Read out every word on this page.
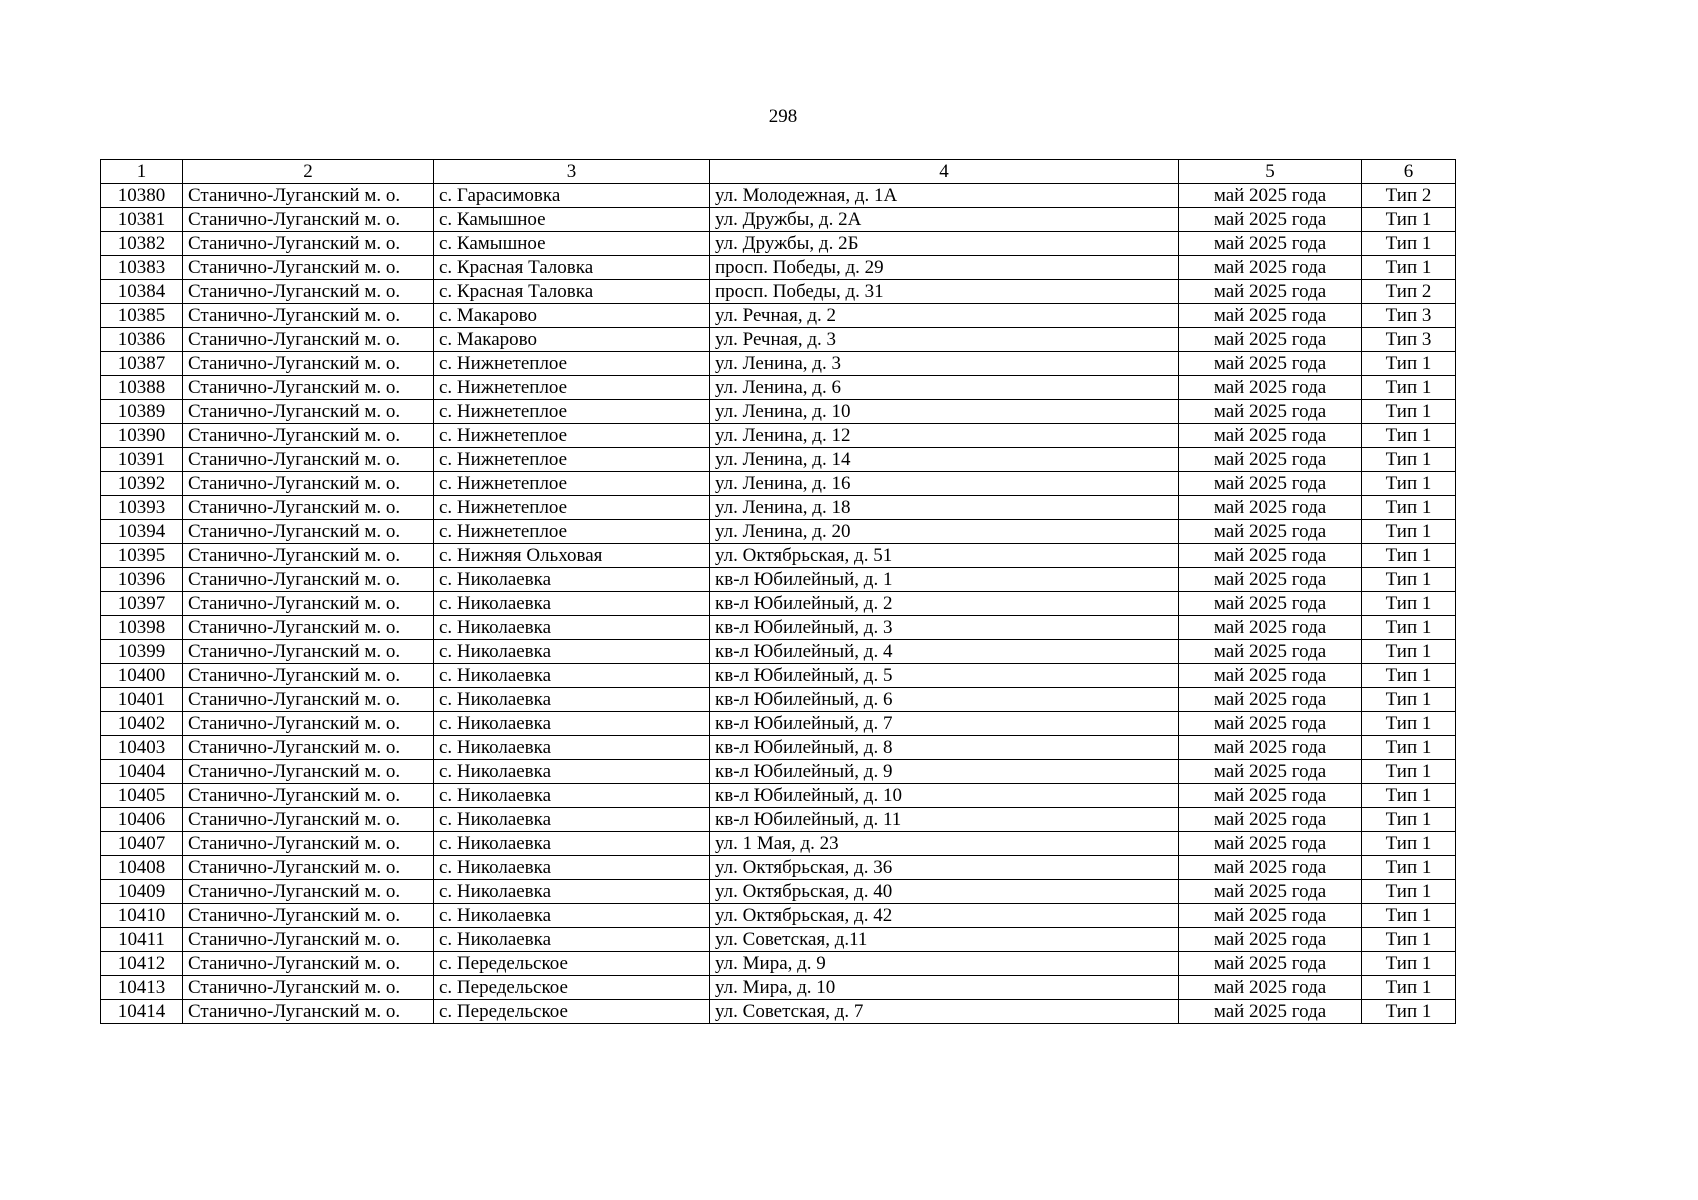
298
1	2	3	4	5	6
10380	Станично-Луганский м. о.	с. Гарасимовка	ул. Молодежная, д. 1А	май 2025 года	Тип 2
10381	Станично-Луганский м. о.	с. Камышное	ул. Дружбы, д. 2А	май 2025 года	Тип 1
10382	Станично-Луганский м. о.	с. Камышное	ул. Дружбы, д. 2Б	май 2025 года	Тип 1
10383	Станично-Луганский м. о.	с. Красная Таловка	просп. Победы, д. 29	май 2025 года	Тип 1
10384	Станично-Луганский м. о.	с. Красная Таловка	просп. Победы, д. 31	май 2025 года	Тип 2
10385	Станично-Луганский м. о.	с. Макарово	ул. Речная, д. 2	май 2025 года	Тип 3
10386	Станично-Луганский м. о.	с. Макарово	ул. Речная, д. 3	май 2025 года	Тип 3
10387	Станично-Луганский м. о.	с. Нижнетеплое	ул. Ленина, д. 3	май 2025 года	Тип 1
10388	Станично-Луганский м. о.	с. Нижнетеплое	ул. Ленина, д. 6	май 2025 года	Тип 1
10389	Станично-Луганский м. о.	с. Нижнетеплое	ул. Ленина, д. 10	май 2025 года	Тип 1
10390	Станично-Луганский м. о.	с. Нижнетеплое	ул. Ленина, д. 12	май 2025 года	Тип 1
10391	Станично-Луганский м. о.	с. Нижнетеплое	ул. Ленина, д. 14	май 2025 года	Тип 1
10392	Станично-Луганский м. о.	с. Нижнетеплое	ул. Ленина, д. 16	май 2025 года	Тип 1
10393	Станично-Луганский м. о.	с. Нижнетеплое	ул. Ленина, д. 18	май 2025 года	Тип 1
10394	Станично-Луганский м. о.	с. Нижнетеплое	ул. Ленина, д. 20	май 2025 года	Тип 1
10395	Станично-Луганский м. о.	с. Нижняя Ольховая	ул. Октябрьская, д. 51	май 2025 года	Тип 1
10396	Станично-Луганский м. о.	с. Николаевка	кв-л Юбилейный, д. 1	май 2025 года	Тип 1
10397	Станично-Луганский м. о.	с. Николаевка	кв-л Юбилейный, д. 2	май 2025 года	Тип 1
10398	Станично-Луганский м. о.	с. Николаевка	кв-л Юбилейный, д. 3	май 2025 года	Тип 1
10399	Станично-Луганский м. о.	с. Николаевка	кв-л Юбилейный, д. 4	май 2025 года	Тип 1
10400	Станично-Луганский м. о.	с. Николаевка	кв-л Юбилейный, д. 5	май 2025 года	Тип 1
10401	Станично-Луганский м. о.	с. Николаевка	кв-л Юбилейный, д. 6	май 2025 года	Тип 1
10402	Станично-Луганский м. о.	с. Николаевка	кв-л Юбилейный, д. 7	май 2025 года	Тип 1
10403	Станично-Луганский м. о.	с. Николаевка	кв-л Юбилейный, д. 8	май 2025 года	Тип 1
10404	Станично-Луганский м. о.	с. Николаевка	кв-л Юбилейный, д. 9	май 2025 года	Тип 1
10405	Станично-Луганский м. о.	с. Николаевка	кв-л Юбилейный, д. 10	май 2025 года	Тип 1
10406	Станично-Луганский м. о.	с. Николаевка	кв-л Юбилейный, д. 11	май 2025 года	Тип 1
10407	Станично-Луганский м. о.	с. Николаевка	ул. 1 Мая, д. 23	май 2025 года	Тип 1
10408	Станично-Луганский м. о.	с. Николаевка	ул. Октябрьская, д. 36	май 2025 года	Тип 1
10409	Станично-Луганский м. о.	с. Николаевка	ул. Октябрьская, д. 40	май 2025 года	Тип 1
10410	Станично-Луганский м. о.	с. Николаевка	ул. Октябрьская, д. 42	май 2025 года	Тип 1
10411	Станично-Луганский м. о.	с. Николаевка	ул. Советская, д.11	май 2025 года	Тип 1
10412	Станично-Луганский м. о.	с. Передельское	ул. Мира, д. 9	май 2025 года	Тип 1
10413	Станично-Луганский м. о.	с. Передельское	ул. Мира, д. 10	май 2025 года	Тип 1
10414	Станично-Луганский м. о.	с. Передельское	ул. Советская, д. 7	май 2025 года	Тип 1
